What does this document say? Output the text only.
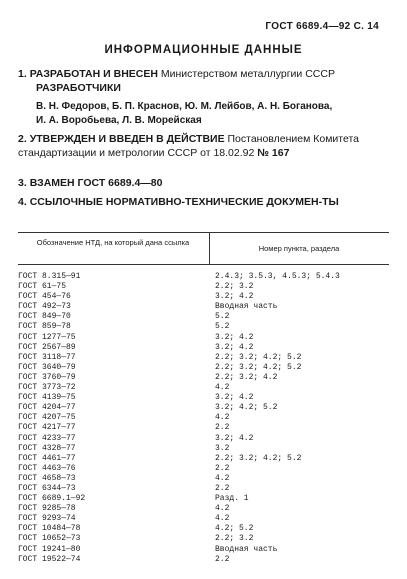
ГОСТ 6689.4—92 С. 14
ИНФОРМАЦИОННЫЕ ДАННЫЕ
1. РАЗРАБОТАН И ВНЕСЕН Министерством металлургии СССР
РАЗРАБОТЧИКИ
В. Н. Федоров, Б. П. Краснов, Ю. М. Лейбов, А. Н. Боганова,
И. А. Воробьева, Л. В. Морейская
2. УТВЕРЖДЕН И ВВЕДЕН В ДЕЙСТВИЕ Постановлением Комитета стандартизации и метрологии СССР от 18.02.92 № 167
3. ВЗАМЕН ГОСТ 6689.4—80
4. ССЫЛОЧНЫЕ НОРМАТИВНО-ТЕХНИЧЕСКИЕ ДОКУМЕН-ТЫ
Обозначение НТД, на который дана ссылка
Номер пункта, раздела
ГОСТ 8.315—91	2.4.3; 3.5.3, 4.5.3; 5.4.3
ГОСТ 61—75	2.2; 3.2
ГОСТ 454—76	3.2; 4.2
ГОСТ 492—73	Вводная часть
ГОСТ 849—70	5.2
ГОСТ 859—78	5.2
ГОСТ 1277—75	3.2; 4.2
ГОСТ 2567—89	3.2; 4.2
ГОСТ 3118—77	2.2; 3.2; 4.2; 5.2
ГОСТ 3640—79	2.2; 3.2; 4.2; 5.2
ГОСТ 3760—79	2.2; 3.2; 4.2
ГОСТ 3773—72	4.2
ГОСТ 4139—75	3.2; 4.2
ГОСТ 4204—77	3.2; 4.2; 5.2
ГОСТ 4207—75	4.2
ГОСТ 4217—77	2.2
ГОСТ 4233—77	3.2; 4.2
ГОСТ 4328—77	3.2
ГОСТ 4461—77	2.2; 3.2; 4.2; 5.2
ГОСТ 4463—76	2.2
ГОСТ 4658—73	4.2
ГОСТ 6344—73	2.2
ГОСТ 6689.1—92	Разд. 1
ГОСТ 9285—78	4.2
ГОСТ 9293—74	4.2
ГОСТ 10484—78	4.2; 5.2
ГОСТ 10652—73	2.2; 3.2
ГОСТ 19241—80	Вводная часть
ГОСТ 19522—74	2.2
